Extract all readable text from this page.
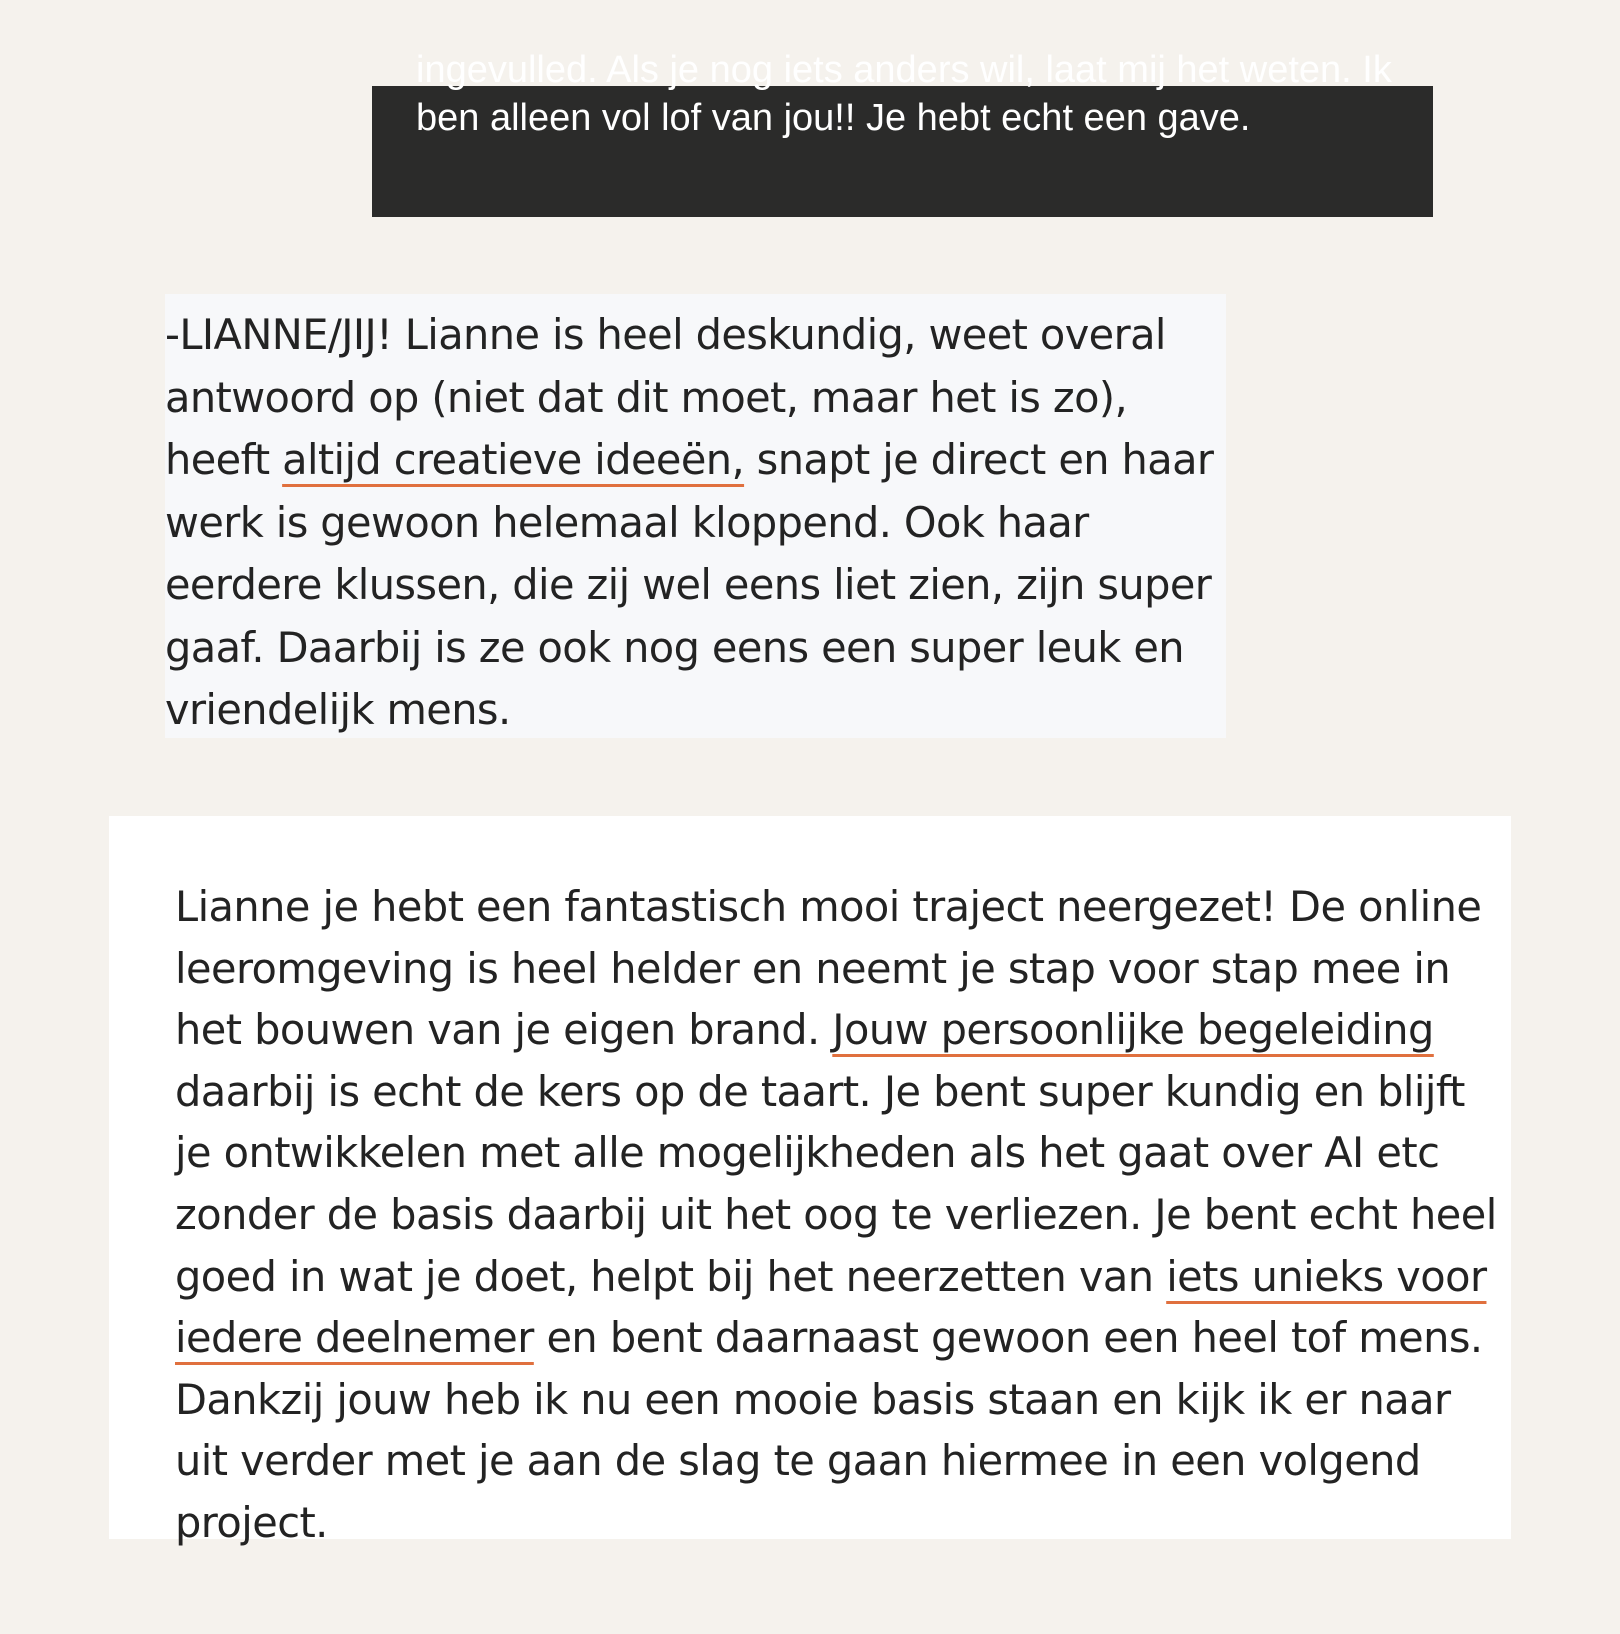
ingevulled. Als je nog iets anders wil, laat mij het weten. Ik ben alleen vol lof van jou!! Je hebt echt een gave.

-LIANNE/JIJ! Lianne is heel deskundig, weet overal antwoord op (niet dat dit moet, maar het is zo), heeft altijd creatieve ideeën, snapt je direct en haar werk is gewoon helemaal kloppend. Ook haar eerdere klussen, die zij wel eens liet zien, zijn super gaaf. Daarbij is ze ook nog eens een super leuk en vriendelijk mens.

Lianne je hebt een fantastisch mooi traject neergezet! De online leeromgeving is heel helder en neemt je stap voor stap mee in het bouwen van je eigen brand. Jouw persoonlijke begeleiding daarbij is echt de kers op de taart. Je bent super kundig en blijft je ontwikkelen met alle mogelijkheden als het gaat over AI etc zonder de basis daarbij uit het oog te verliezen. Je bent echt heel goed in wat je doet, helpt bij het neerzetten van iets unieks voor iedere deelnemer en bent daarnaast gewoon een heel tof mens. Dankzij jouw heb ik nu een mooie basis staan en kijk ik er naar uit verder met je aan de slag te gaan hiermee in een volgend project.
